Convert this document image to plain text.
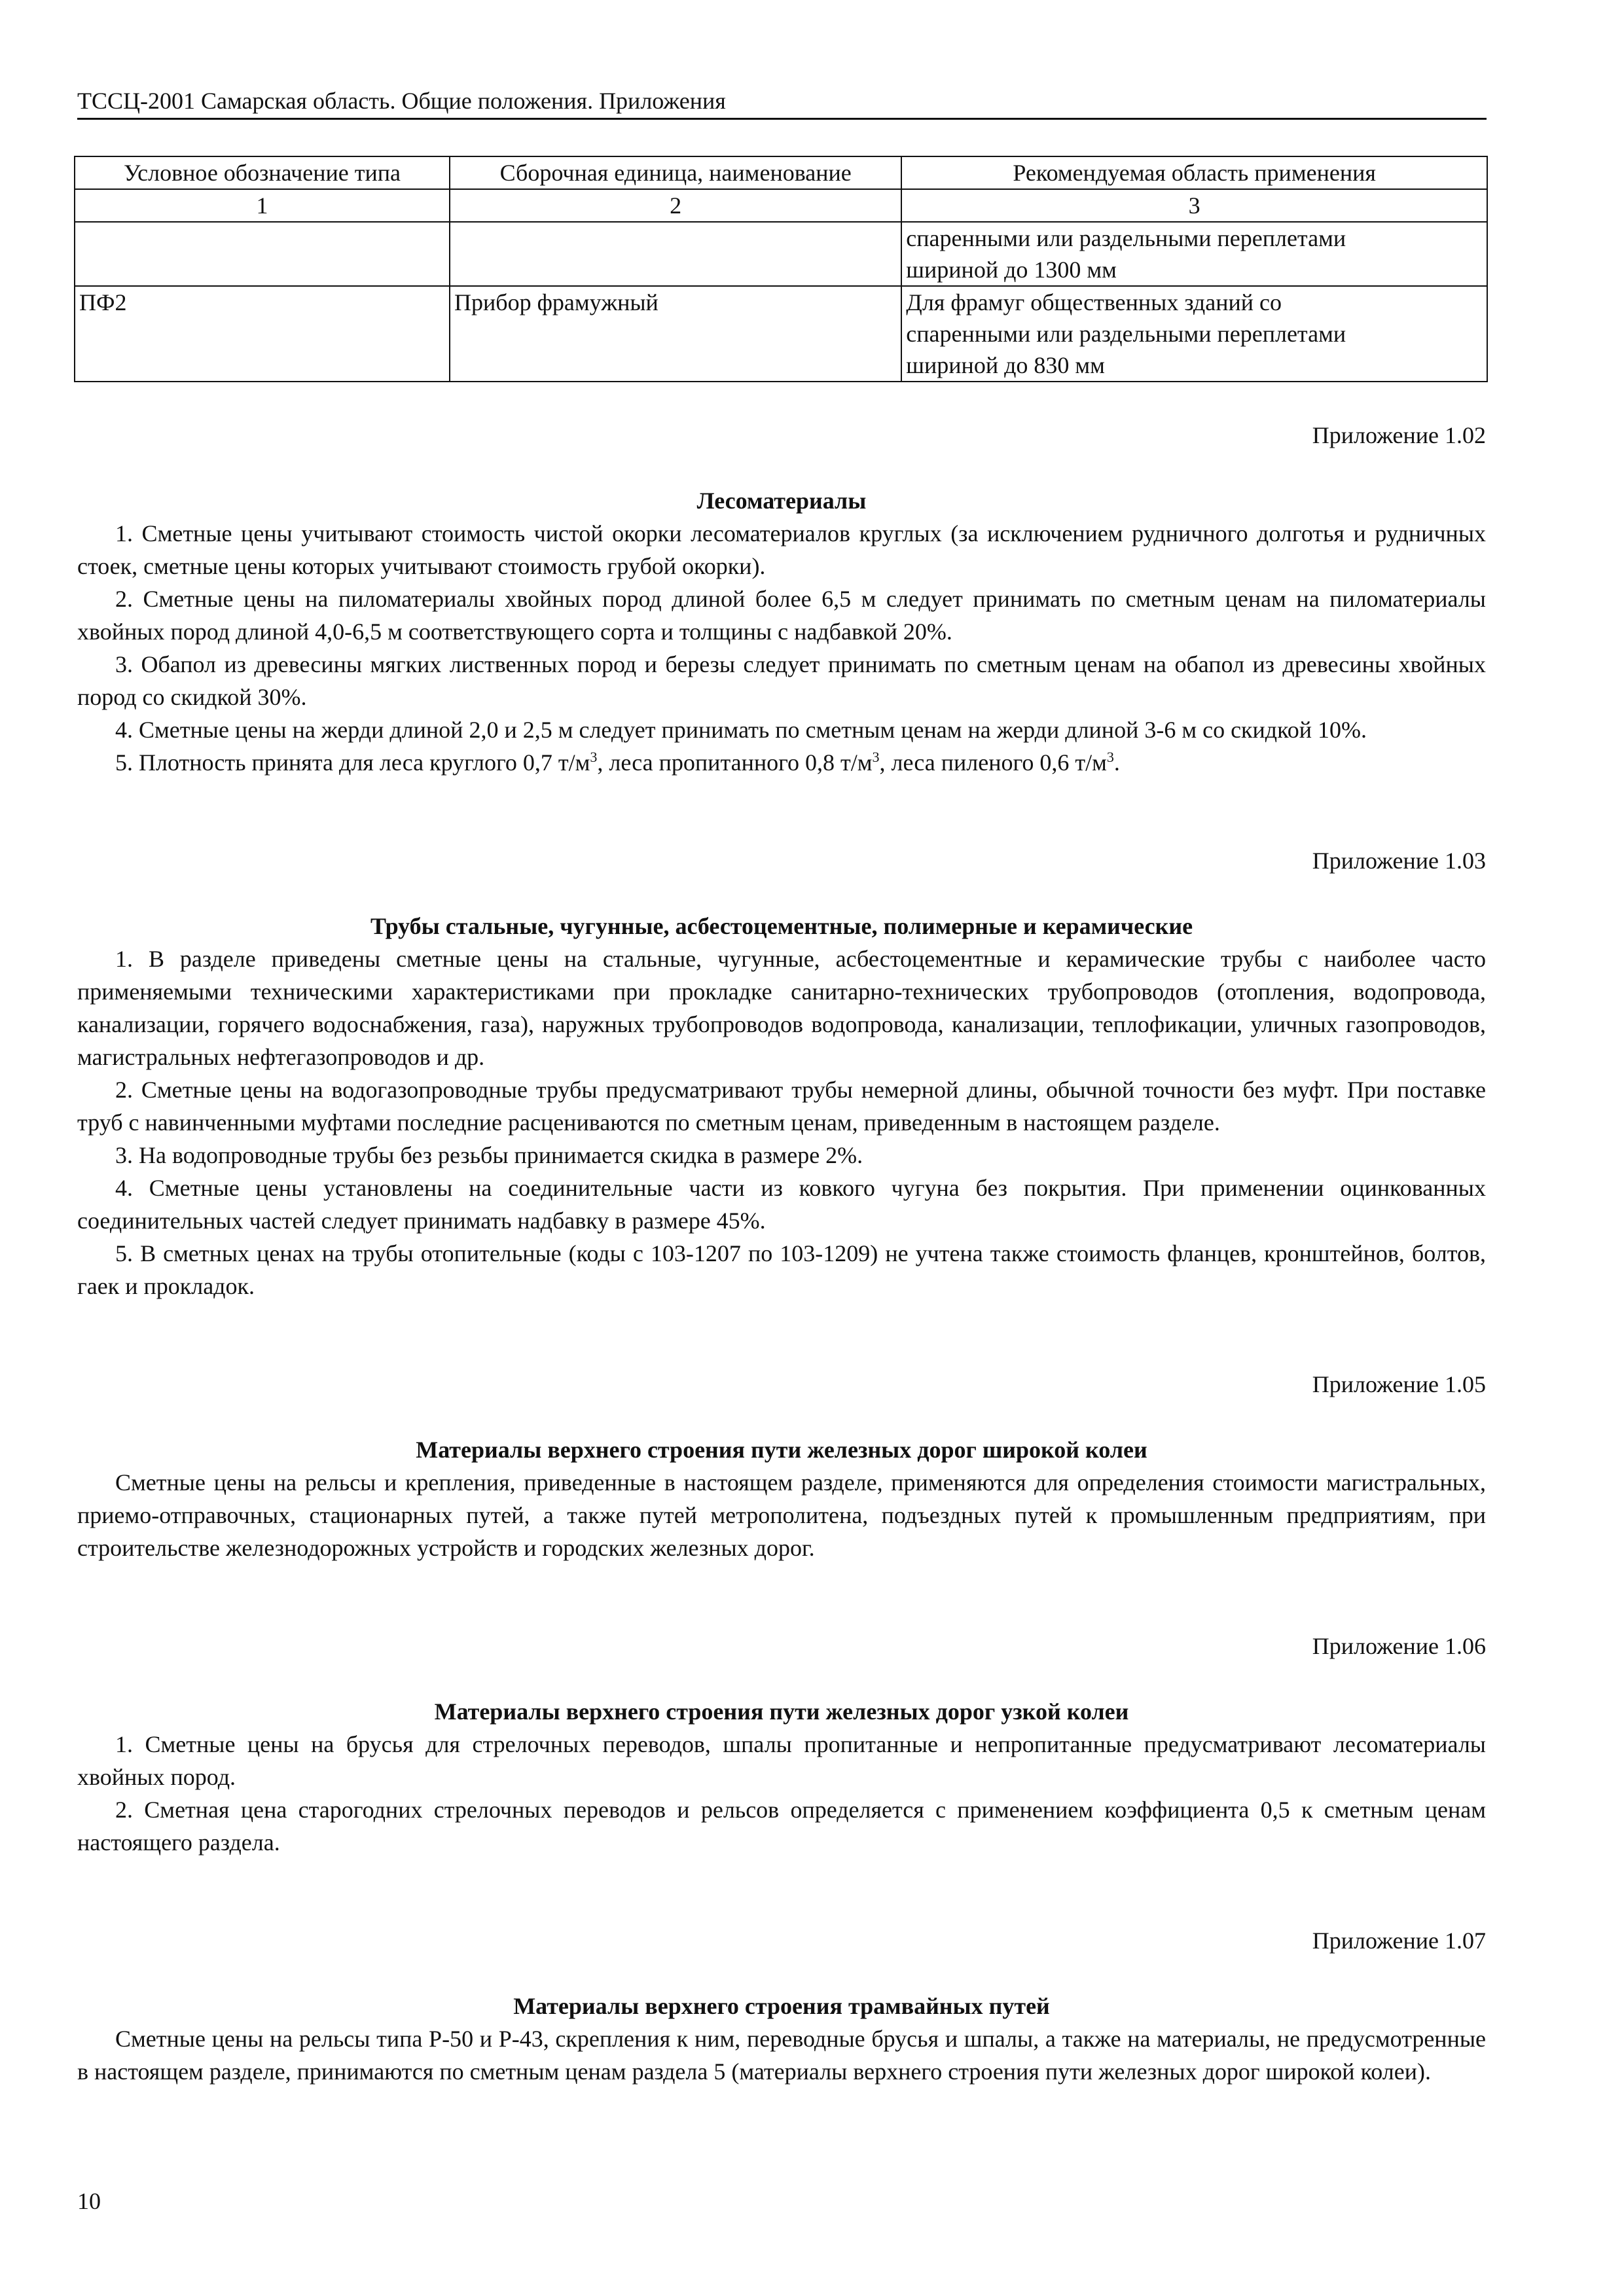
ТССЦ-2001 Самарская область. Общие положения. Приложения
Условное обозначение типа	Сборочная единица, наименование	Рекомендуемая область применения
1	2	3

		спаренными или раздельными переплетами
шириной до 1300 мм

ПФ2	Прибор фрамужный	Для фрамуг общественных зданий со
спаренными или раздельными переплетами
шириной до 830 мм

Приложение 1.02

Лесоматериалы

1. Сметные цены учитывают стоимость чистой окорки лесоматериалов круглых (за исключением рудничного долготья и рудничных стоек, сметные цены которых учитывают стоимость грубой окорки).

2. Сметные цены на пиломатериалы хвойных пород длиной более 6,5 м следует принимать по сметным ценам на пиломатериалы хвойных пород длиной 4,0-6,5 м соответствующего сорта и толщины с надбавкой 20%.

3. Обапол из древесины мягких лиственных пород и березы следует принимать по сметным ценам на обапол из древесины хвойных пород со скидкой 30%.

4. Сметные цены на жерди длиной 2,0 и 2,5 м следует принимать по сметным ценам на жерди длиной 3-6 м со скидкой 10%.

5. Плотность принята для леса круглого 0,7 $т/м^3$, леса пропитанного 0,8 $т/м^3$, леса пиленого 0,6 $т/м^3$.

Приложение 1.03

Трубы стальные, чугунные, асбестоцементные, полимерные и керамические

1. В разделе приведены сметные цены на стальные, чугунные, асбестоцементные и керамические трубы с наиболее часто применяемыми техническими характеристиками при прокладке санитарно-технических трубопроводов (отопления, водопровода, канализации, горячего водоснабжения, газа), наружных трубопроводов водопровода, канализации, теплофикации, уличных газопроводов, магистральных нефтегазопроводов и др.

2. Сметные цены на водогазопроводные трубы предусматривают трубы немерной длины, обычной точности без муфт. При поставке труб с навинченными муфтами последние расцениваются по сметным ценам, приведенным в настоящем разделе.

3. На водопроводные трубы без резьбы принимается скидка в размере 2%.

4. Сметные цены установлены на соединительные части из ковкого чугуна без покрытия. При применении оцинкованных соединительных частей следует принимать надбавку в размере 45%.

5. В сметных ценах на трубы отопительные (коды с 103-1207 по 103-1209) не учтена также стоимость фланцев, кронштейнов, болтов, гаек и прокладок.

Приложение 1.05

Материалы верхнего строения пути железных дорог широкой колеи

Сметные цены на рельсы и крепления, приведенные в настоящем разделе, применяются для определения стоимости магистральных, приемо-отправочных, стационарных путей, а также путей метрополитена, подъездных путей к промышленным предприятиям, при строительстве железнодорожных устройств и городских железных дорог.

Приложение 1.06

Материалы верхнего строения пути железных дорог узкой колеи

1. Сметные цены на брусья для стрелочных переводов, шпалы пропитанные и непропитанные предусматривают лесоматериалы хвойных пород.

2. Сметная цена старогодних стрелочных переводов и рельсов определяется с применением коэффициента 0,5 к сметным ценам настоящего раздела.

Приложение 1.07

Материалы верхнего строения трамвайных путей

Сметные цены на рельсы типа Р-50 и Р-43, скрепления к ним, переводные брусья и шпалы, а также на материалы, не предусмотренные в настоящем разделе, принимаются по сметным ценам раздела 5 (материалы верхнего строения пути железных дорог широкой колеи).

10
